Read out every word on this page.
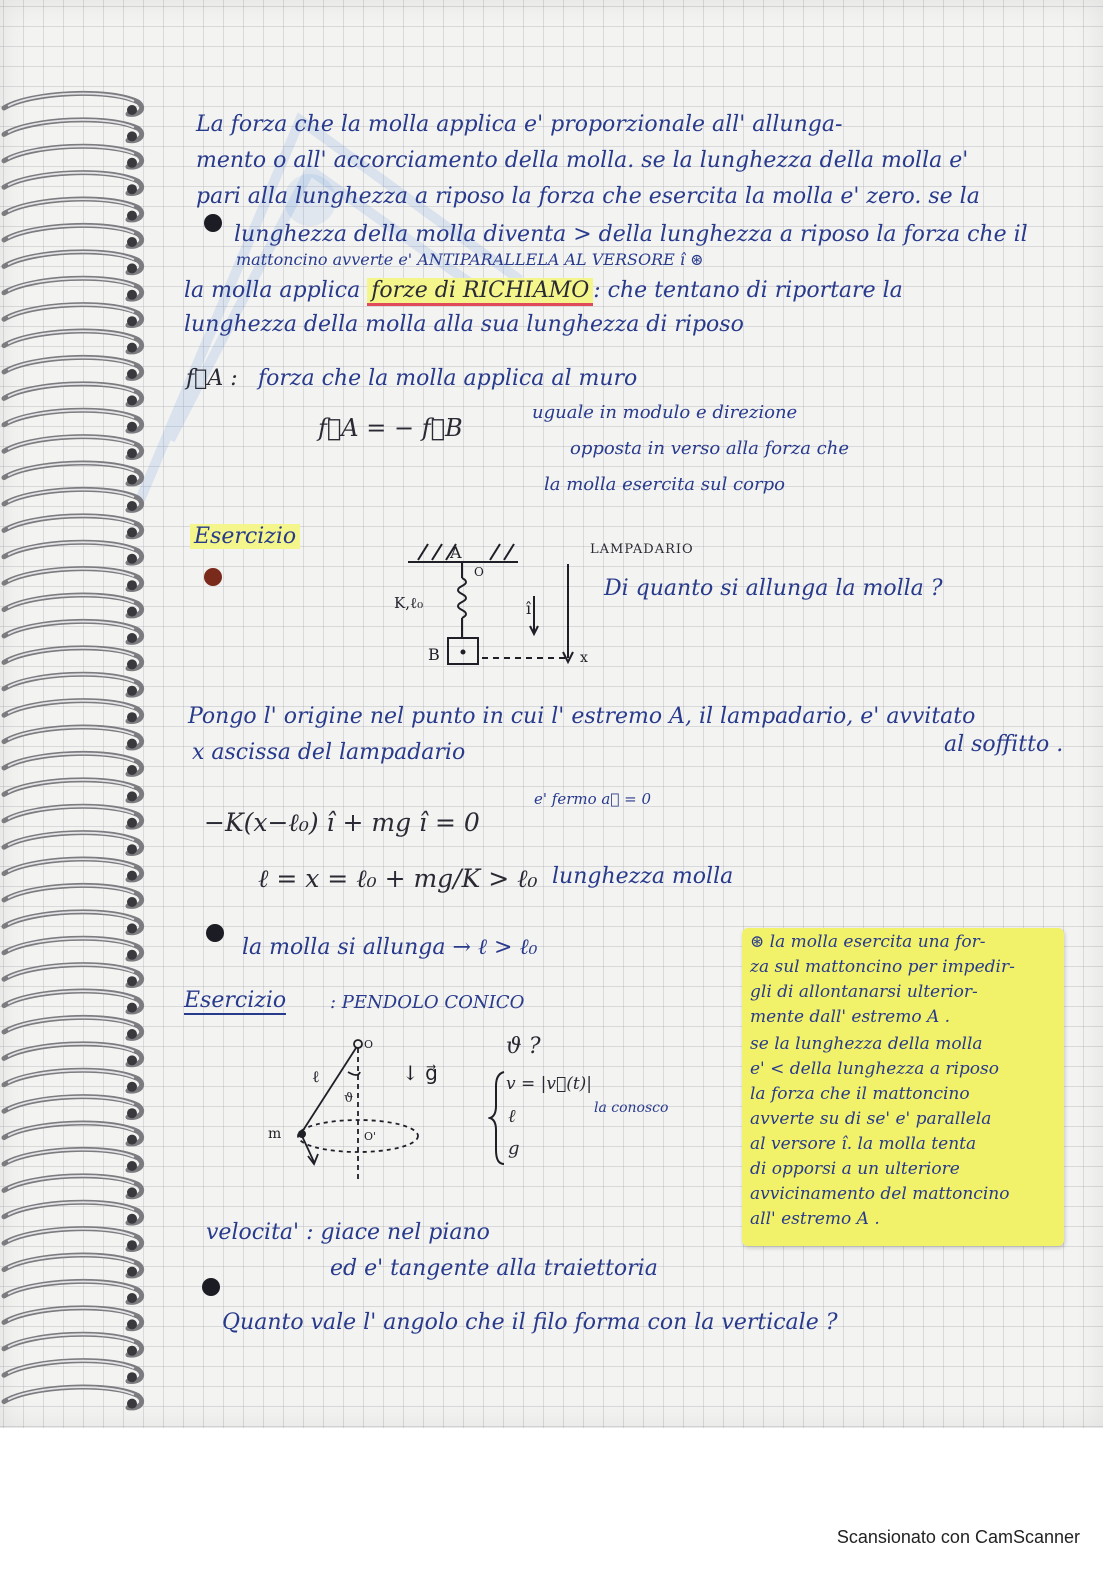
La forza che la molla applica e' proporzionale all' allunga-
mento o all' accorciamento della molla. se la lunghezza della molla e'
pari alla lunghezza a riposo la forza che esercita la molla e' zero. se la
lunghezza della molla diventa > della lunghezza a riposo la forza che il
mattoncino avverte e' ANTIPARALLELA AL VERSORE î ⊛
la molla applica forze di RICHIAMO : che tentano di riportare la
lunghezza della molla alla sua lunghezza di riposo
f⃗A : forza che la molla applica al muro
f⃗A = − f⃗B
uguale in modulo e direzione
opposta in verso alla forza che
la molla esercita sul corpo
Esercizio
A
O
K,ℓ₀
B
î
x
LAMPADARIO
Di quanto si allunga la molla ?
Pongo l' origine nel punto in cui l' estremo A, il lampadario, e' avvitato
al soffitto .
x ascissa del lampadario
−K(x−ℓ₀) î + mg î = 0
e' fermo a⃗ = 0
ℓ = x = ℓ₀ + mg/K > ℓ₀ lunghezza molla
la molla si allunga → ℓ > ℓ₀
Esercizio : PENDOLO CONICO
ℓ
ϑ
m	O'
O
↓ g⃗
ϑ ?
v = |v⃗(t)|
ℓ
g
la conosco
velocita' : giace nel piano
ed e' tangente alla traiettoria
Quanto vale l' angolo che il filo forma con la verticale ?
⊛ la molla esercita una for-
za sul mattoncino per impedir-
gli di allontanarsi ulterior-
mente dall' estremo A .
se la lunghezza della molla
e' < della lunghezza a riposo
la forza che il mattoncino
avverte su di se' e' parallela
al versore î. la molla tenta
di opporsi a un ulteriore
avvicinamento del mattoncino
all' estremo A .
Scansionato con CamScanner
